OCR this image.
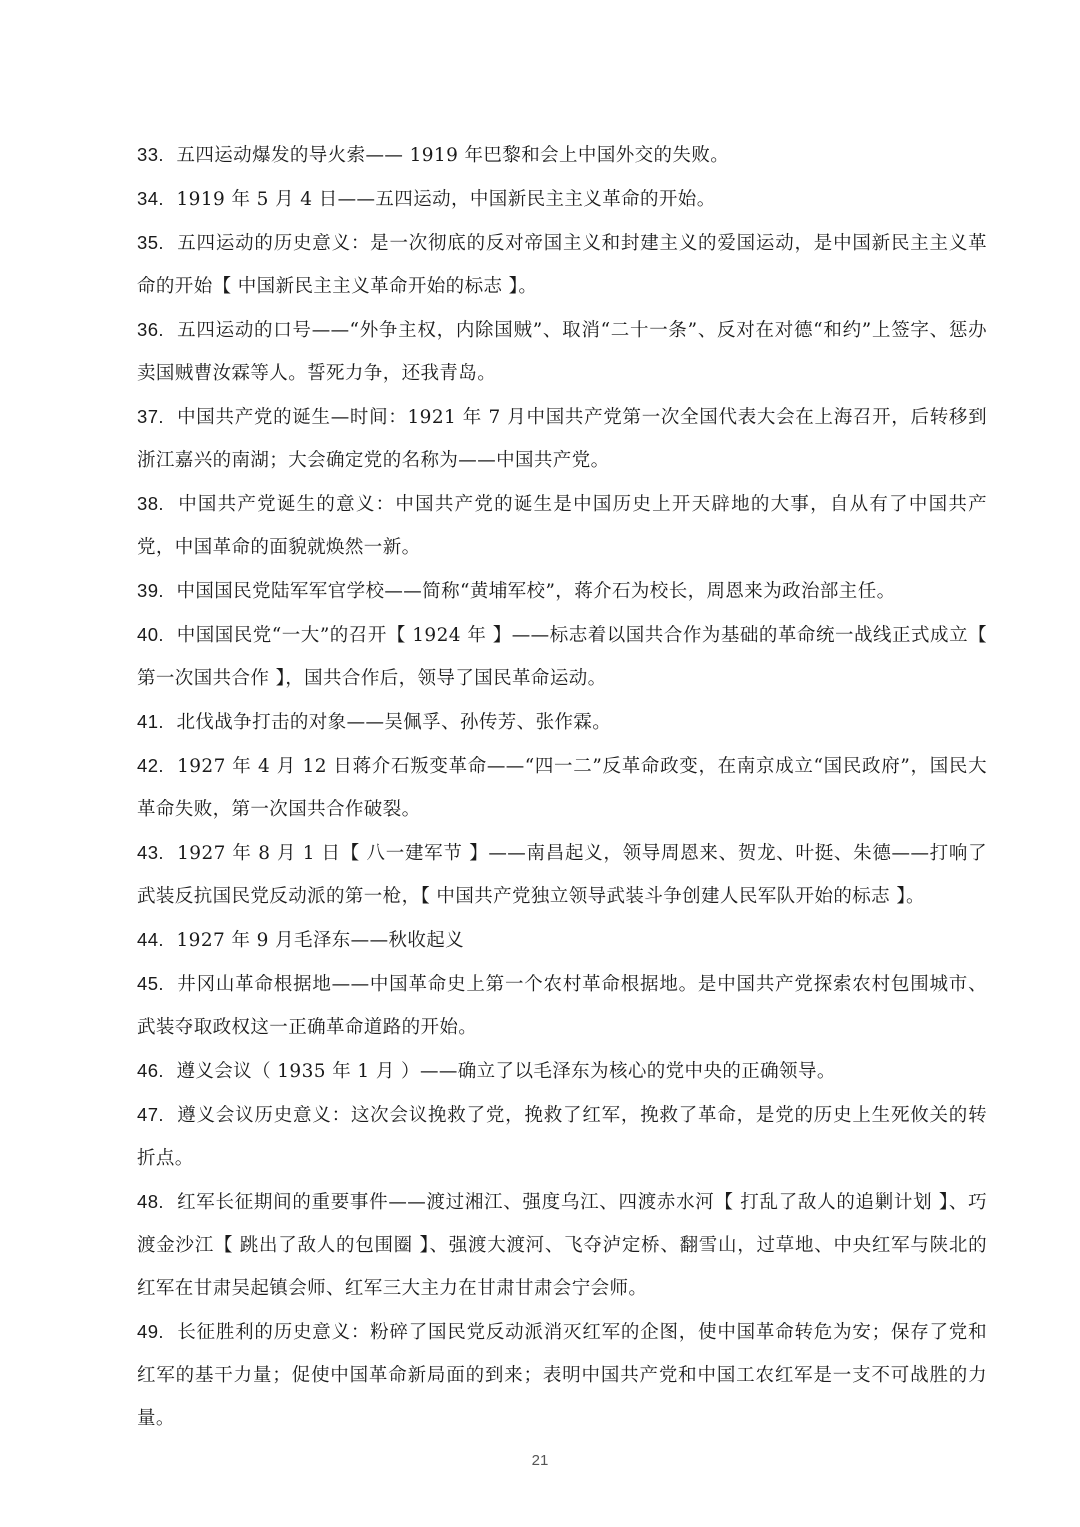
33. 五四运动爆发的导火索—— 1919 年巴黎和会上中国外交的失败。

34. 1919 年 5 月 4 日——五四运动，中国新民主主义革命的开始。

35. 五四运动的历史意义：是一次彻底的反对帝国主义和封建主义的爱国运动，是中国新民主主义革命的开始【 中国新民主主义革命开始的标志 】。

36. 五四运动的口号——“外争主权，内除国贼”、取消“二十一条”、反对在对德“和约”上签字、惩办卖国贼曹汝霖等人。誓死力争，还我青岛。

37. 中国共产党的诞生—时间：1921 年 7 月中国共产党第一次全国代表大会在上海召开，后转移到浙江嘉兴的南湖；大会确定党的名称为——中国共产党。

38. 中国共产党诞生的意义：中国共产党的诞生是中国历史上开天辟地的大事，自从有了中国共产党，中国革命的面貌就焕然一新。

39. 中国国民党陆军军官学校——简称“黄埔军校”，蒋介石为校长，周恩来为政治部主任。

40. 中国国民党“一大”的召开【 1924 年 】——标志着以国共合作为基础的革命统一战线正式成立【 第一次国共合作 】，国共合作后，领导了国民革命运动。

41. 北伐战争打击的对象——吴佩孚、孙传芳、张作霖。

42. 1927 年 4 月 12 日蒋介石叛变革命——“四一二”反革命政变，在南京成立“国民政府”，国民大革命失败，第一次国共合作破裂。

43. 1927 年 8 月 1 日【 八一建军节 】——南昌起义，领导周恩来、贺龙、叶挺、朱德——打响了武装反抗国民党反动派的第一枪，【 中国共产党独立领导武装斗争创建人民军队开始的标志 】。

44. 1927 年 9 月毛泽东——秋收起义

45. 井冈山革命根据地——中国革命史上第一个农村革命根据地。是中国共产党探索农村包围城市、武装夺取政权这一正确革命道路的开始。

46. 遵义会议（ 1935 年 1 月 ）——确立了以毛泽东为核心的党中央的正确领导。

47. 遵义会议历史意义：这次会议挽救了党，挽救了红军，挽救了革命，是党的历史上生死攸关的转折点。

48. 红军长征期间的重要事件——渡过湘江、强度乌江、四渡赤水河【 打乱了敌人的追剿计划 】、巧渡金沙江【 跳出了敌人的包围圈 】、强渡大渡河、飞夺泸定桥、翻雪山，过草地、中央红军与陕北的红军在甘肃吴起镇会师、红军三大主力在甘肃甘肃会宁会师。

49. 长征胜利的历史意义：粉碎了国民党反动派消灭红军的企图，使中国革命转危为安；保存了党和红军的基干力量；促使中国革命新局面的到来；表明中国共产党和中国工农红军是一支不可战胜的力量。

21
